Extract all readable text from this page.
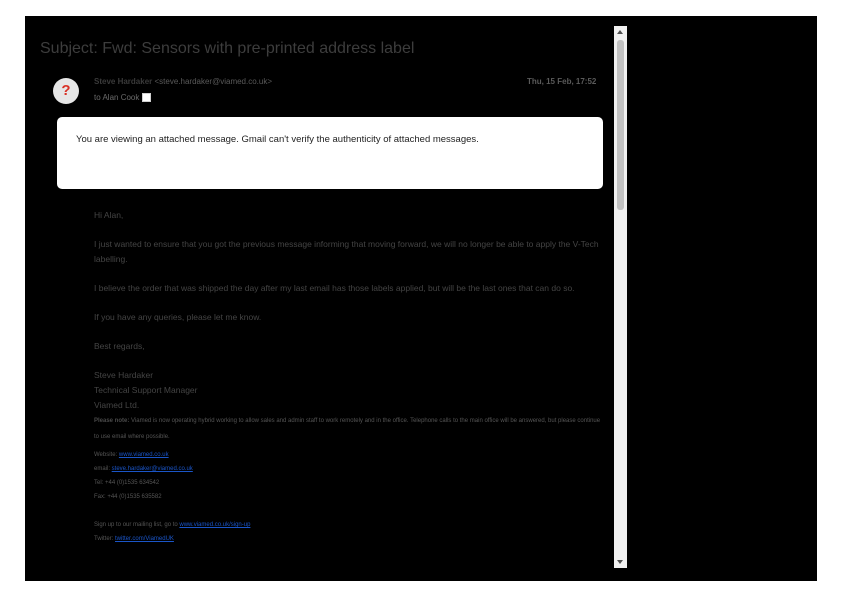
Subject: Fwd: Sensors with pre-printed address label
?
Steve Hardaker <steve.hardaker@viamed.co.uk>	Thu, 15 Feb, 17:52
to Alan Cook
You are viewing an attached message. Gmail can't verify the authenticity of attached messages.

Hi Alan,

I just wanted to ensure that you got the previous message informing that moving forward, we will no longer be able to apply the V-Tech labelling.

I believe the order that was shipped the day after my last email has those labels applied, but will be the last ones that can do so.

If you have any queries, please let me know.

Best regards,

Steve Hardaker
Technical Support Manager
Viamed Ltd.
Please note: Viamed is now operating hybrid working to allow sales and admin staff to work remotely and in the office. Telephone calls to the main office will be answered, but please continue to use email where possible.
Website: www.viamed.co.uk
email: steve.hardaker@viamed.co.uk
Tel: +44 (0)1535 634542
Fax: +44 (0)1535 635582
Sign up to our mailing list, go to www.viamed.co.uk/sign-up
Twitter: twitter.com/ViamedUK
